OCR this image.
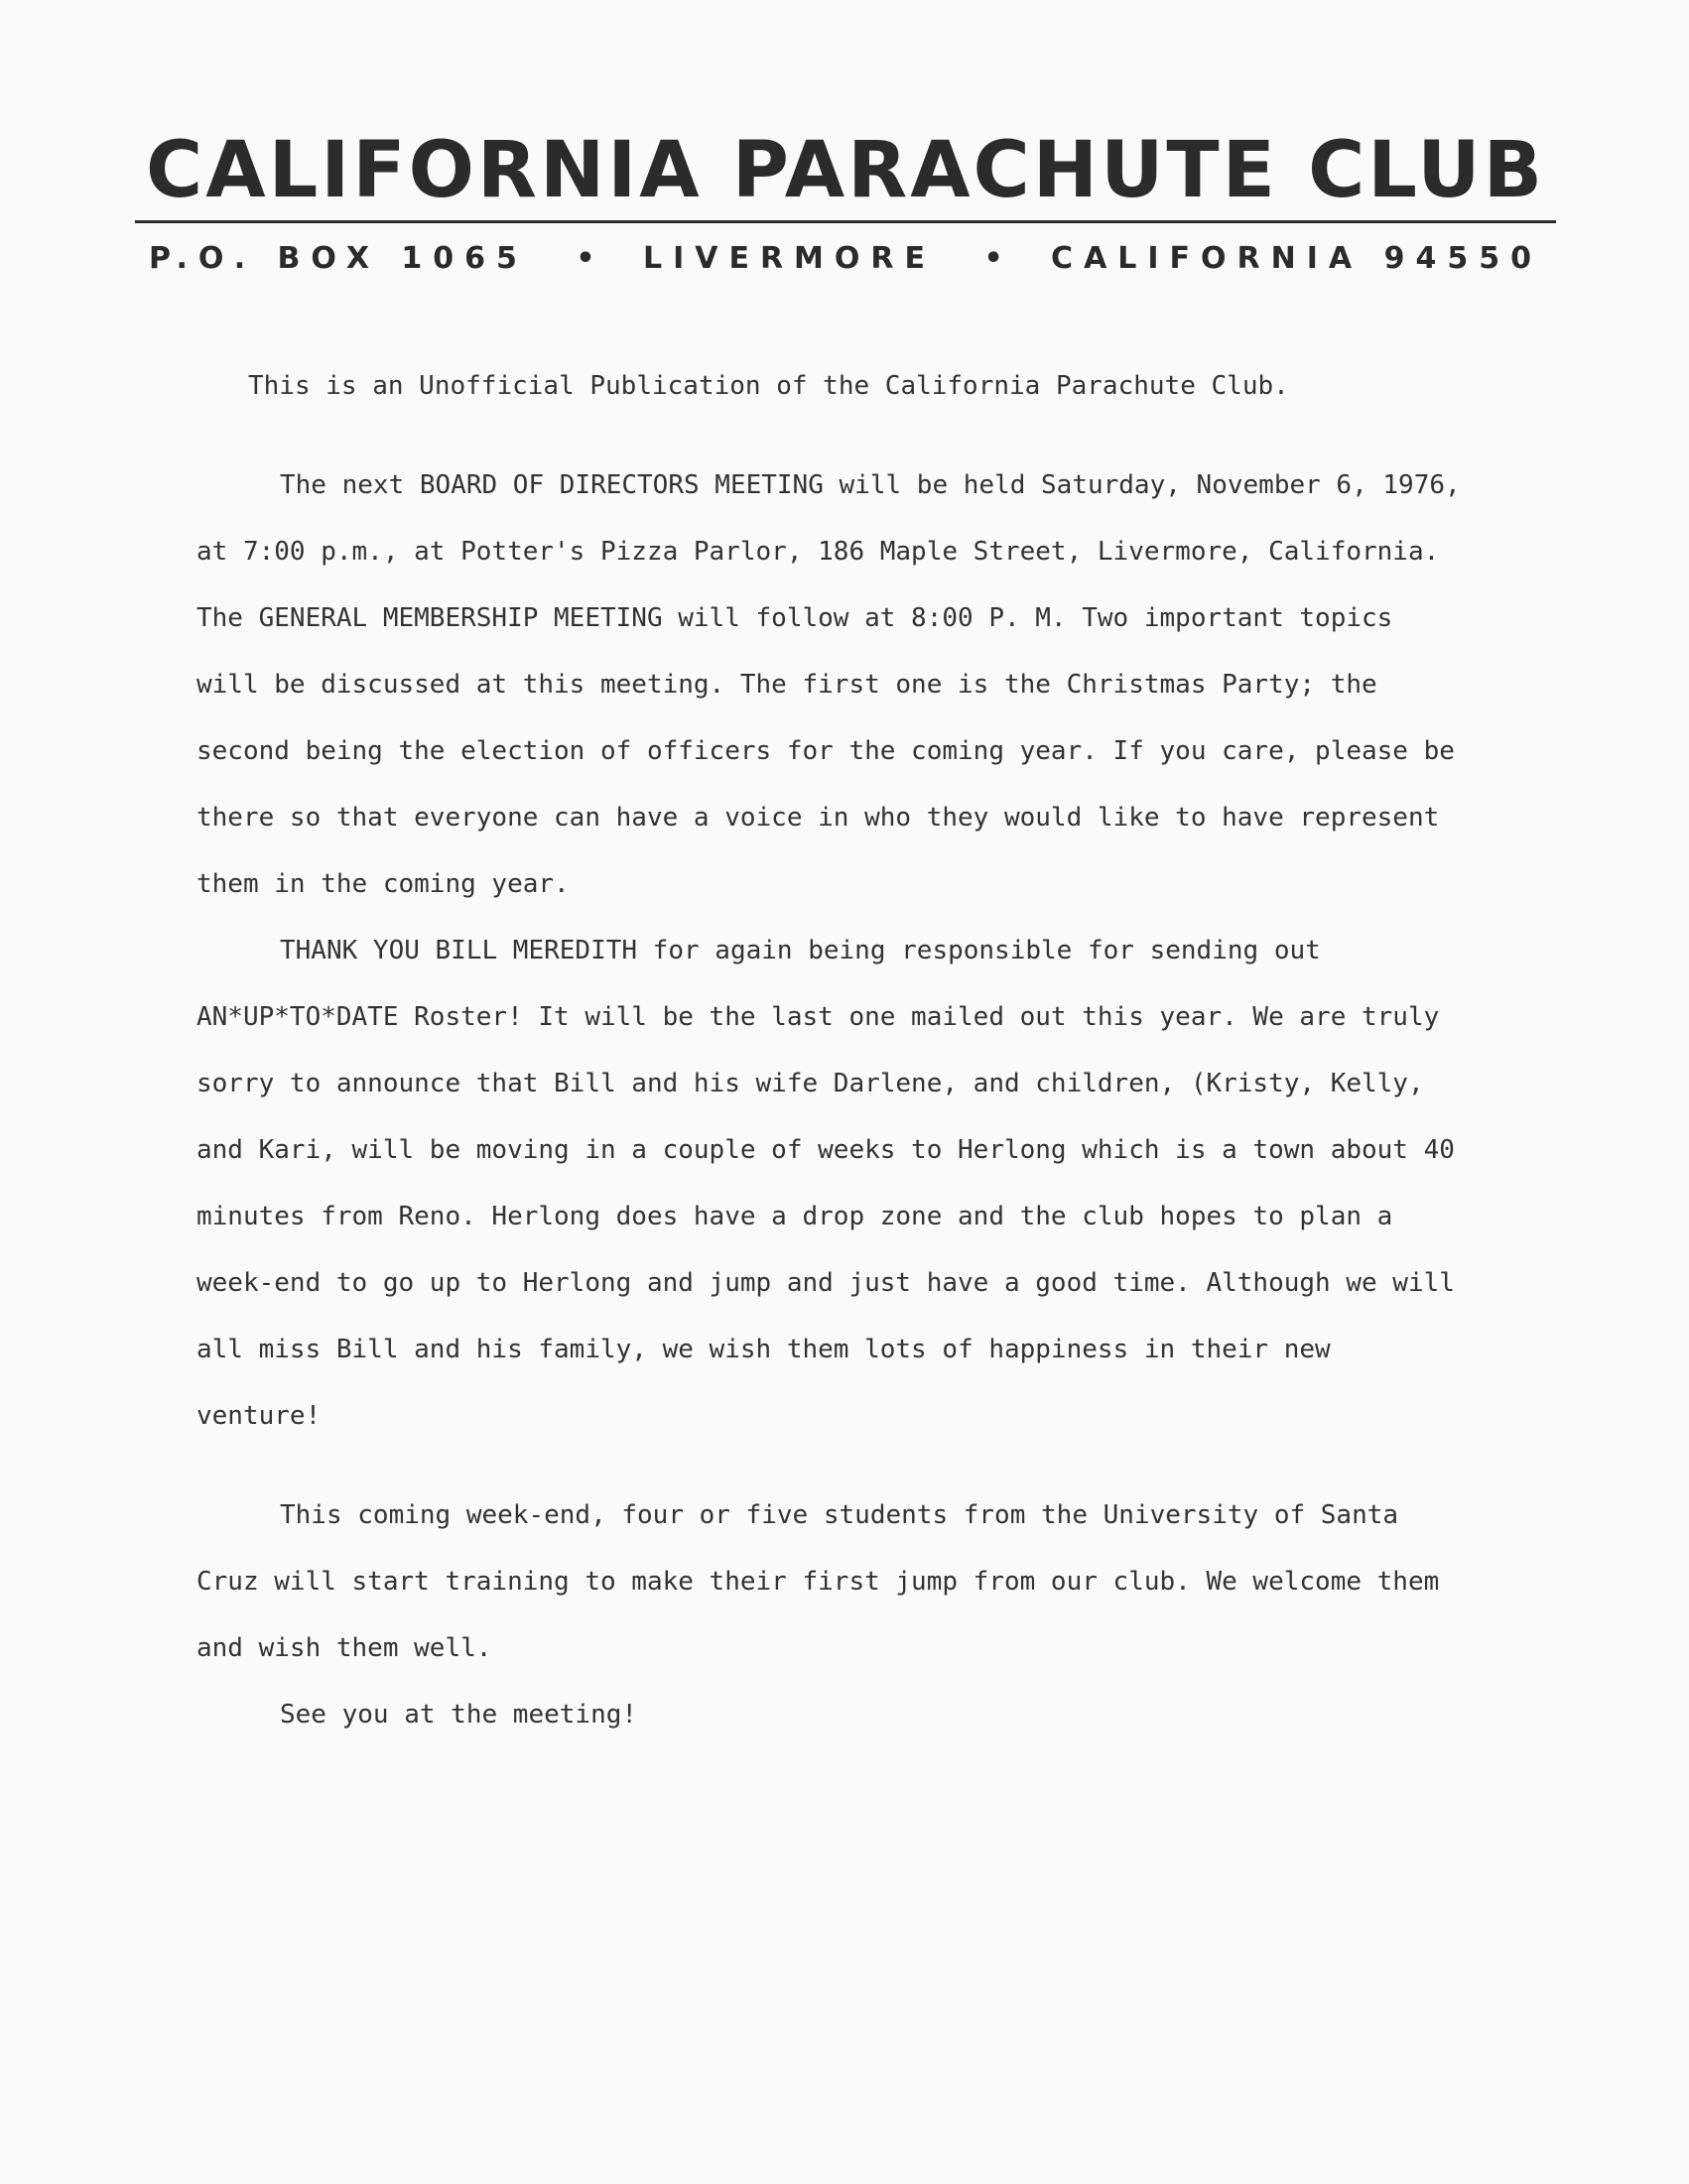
CALIFORNIA PARACHUTE CLUB
P.O. BOX 1065 • LIVERMORE • CALIFORNIA 94550

This is an Unofficial Publication of the California Parachute Club.

The next BOARD OF DIRECTORS MEETING will be held Saturday, November 6, 1976, at 7:00 p.m., at Potter's Pizza Parlor, 186 Maple Street, Livermore, California. The GENERAL MEMBERSHIP MEETING will follow at 8:00 P. M. Two important topics will be discussed at this meeting. The first one is the Christmas Party; the second being the election of officers for the coming year. If you care, please be there so that everyone can have a voice in who they would like to have represent them in the coming year.

THANK YOU BILL MEREDITH for again being responsible for sending out AN*UP*TO*DATE Roster! It will be the last one mailed out this year. We are truly sorry to announce that Bill and his wife Darlene, and children, (Kristy, Kelly, and Kari, will be moving in a couple of weeks to Herlong which is a town about 40 minutes from Reno. Herlong does have a drop zone and the club hopes to plan a week-end to go up to Herlong and jump and just have a good time. Although we will all miss Bill and his family, we wish them lots of happiness in their new venture!

This coming week-end, four or five students from the University of Santa Cruz will start training to make their first jump from our club. We welcome them and wish them well.

See you at the meeting!
